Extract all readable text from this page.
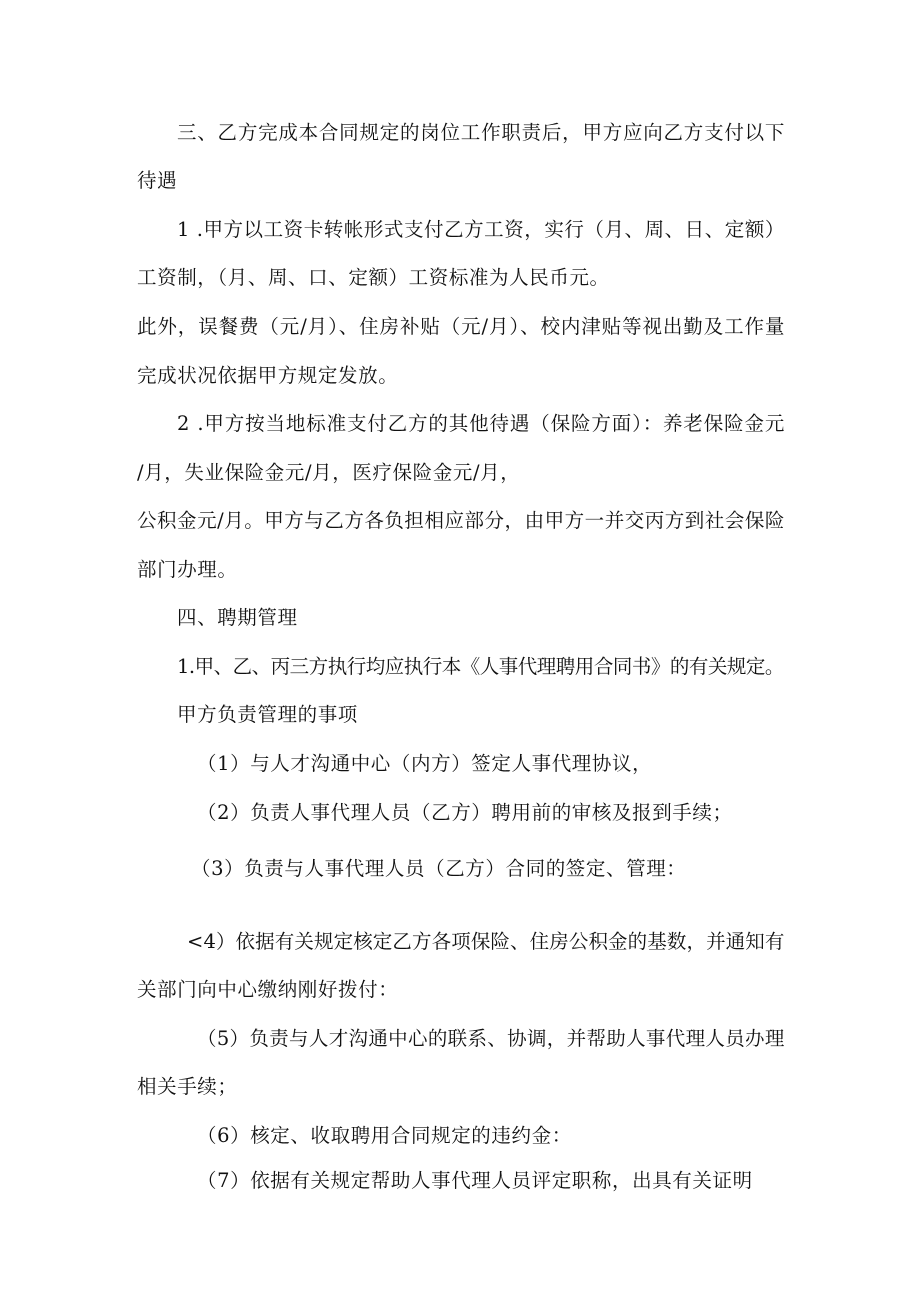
三、乙方完成本合同规定的岗位工作职责后，甲方应向乙方支付以下
待遇
1 .甲方以工资卡转帐形式支付乙方工资，实行（月、周、日、定额）
工资制，（月、周、口、定额）工资标准为人民币元。
此外，误餐费（元/月）、住房补贴（元/月）、校内津贴等视出勤及工作量
完成状况依据甲方规定发放。
2 .甲方按当地标准支付乙方的其他待遇（保险方面）：养老保险金元
/月，失业保险金元/月，医疗保险金元/月，
公积金元/月。甲方与乙方各负担相应部分，由甲方一并交丙方到社会保险
部门办理。
四、聘期管理
1.甲、乙、丙三方执行均应执行本《人事代理聘用合同书》的有关规定。
甲方负责管理的事项
（1）与人才沟通中心（内方）签定人事代理协议，
（2）负责人事代理人员（乙方）聘用前的审核及报到手续；
（3）负责与人事代理人员（乙方）合同的签定、管理：
<4）依据有关规定核定乙方各项保险、住房公积金的基数，并通知有
关部门向中心缴纳刚好拨付：
（5）负责与人才沟通中心的联系、协调，并帮助人事代理人员办理
相关手续；
（6）核定、收取聘用合同规定的违约金：
（7）依据有关规定帮助人事代理人员评定职称，出具有关证明
